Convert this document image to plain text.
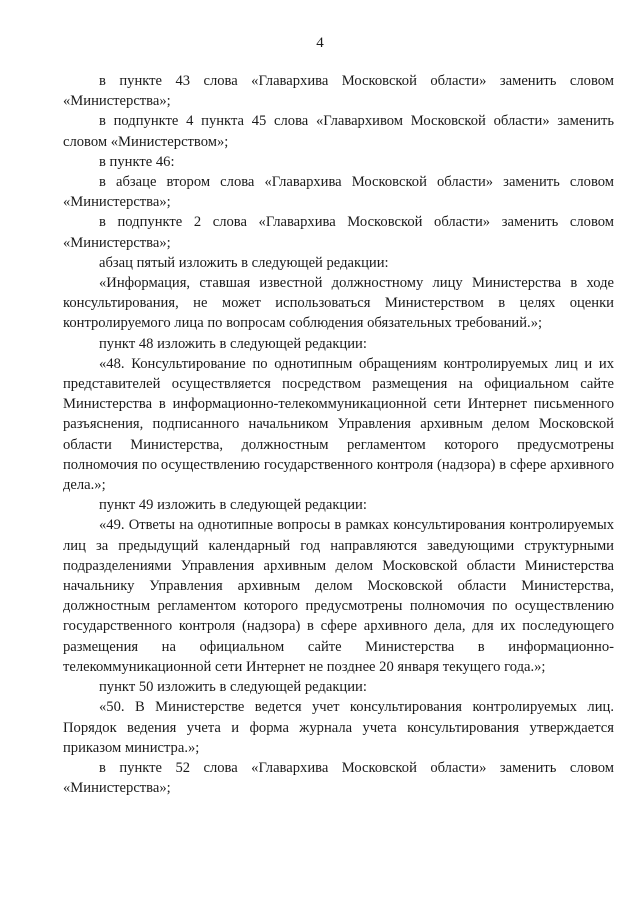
4

в пункте 43 слова «Главархива Московской области» заменить словом «Министерства»;

в подпункте 4 пункта 45 слова «Главархивом Московской области» заменить словом «Министерством»;

в пункте 46:

в абзаце втором слова «Главархива Московской области» заменить словом «Министерства»;

в подпункте 2 слова «Главархива Московской области» заменить словом «Министерства»;

абзац пятый изложить в следующей редакции:

«Информация, ставшая известной должностному лицу Министерства в ходе консультирования, не может использоваться Министерством в целях оценки контролируемого лица по вопросам соблюдения обязательных требований.»;

пункт 48 изложить в следующей редакции:

«48. Консультирование по однотипным обращениям контролируемых лиц и их представителей осуществляется посредством размещения на официальном сайте Министерства в информационно-телекоммуникационной сети Интернет письменного разъяснения, подписанного начальником Управления архивным делом Московской области Министерства, должностным регламентом которого предусмотрены полномочия по осуществлению государственного контроля (надзора) в сфере архивного дела.»;

пункт 49 изложить в следующей редакции:

«49. Ответы на однотипные вопросы в рамках консультирования контролируемых лиц за предыдущий календарный год направляются заведующими структурными подразделениями Управления архивным делом Московской области Министерства начальнику Управления архивным делом Московской области Министерства, должностным регламентом которого предусмотрены полномочия по осуществлению государственного контроля (надзора) в сфере архивного дела, для их последующего размещения на официальном сайте Министерства в информационно-телекоммуникационной сети Интернет не позднее 20 января текущего года.»;

пункт 50 изложить в следующей редакции:

«50. В Министерстве ведется учет консультирования контролируемых лиц. Порядок ведения учета и форма журнала учета консультирования утверждается приказом министра.»;

в пункте 52 слова «Главархива Московской области» заменить словом «Министерства»;
